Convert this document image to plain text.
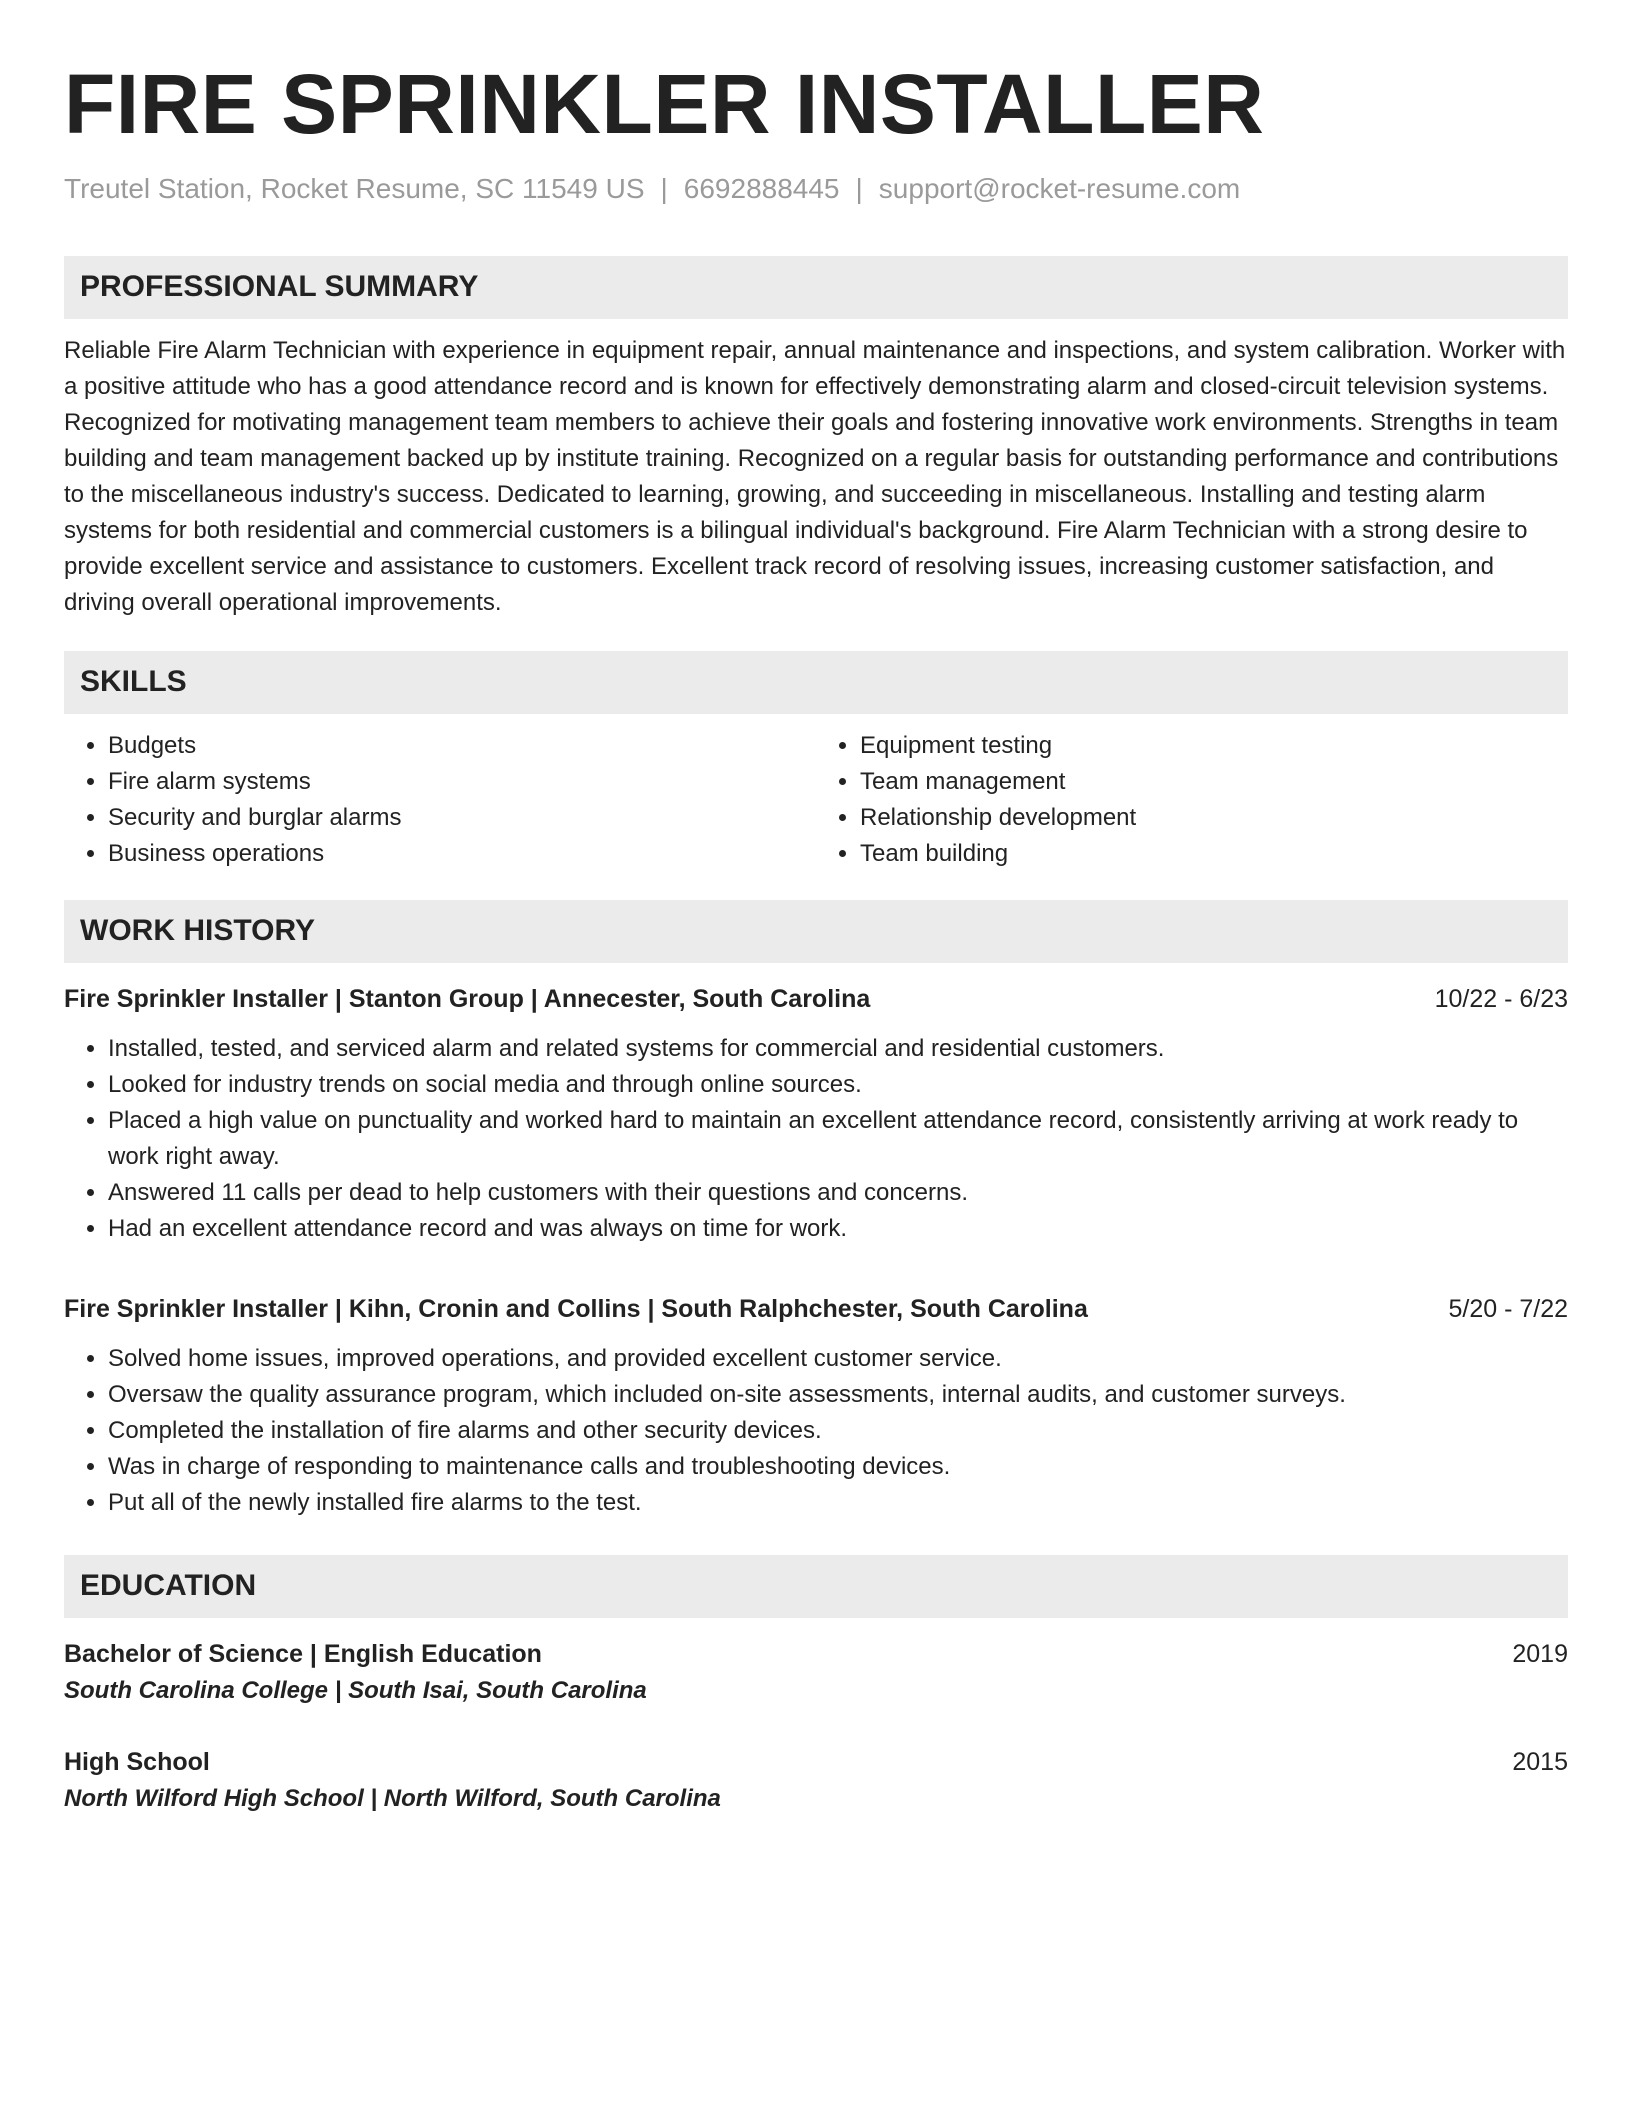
FIRE SPRINKLER INSTALLER
Treutel Station, Rocket Resume, SC 11549 US | 6692888445 | support@rocket-resume.com
PROFESSIONAL SUMMARY

Reliable Fire Alarm Technician with experience in equipment repair, annual maintenance and inspections, and system calibration. Worker with a positive attitude who has a good attendance record and is known for effectively demonstrating alarm and closed-circuit television systems. Recognized for motivating management team members to achieve their goals and fostering innovative work environments. Strengths in team building and team management backed up by institute training. Recognized on a regular basis for outstanding performance and contributions to the miscellaneous industry's success. Dedicated to learning, growing, and succeeding in miscellaneous. Installing and testing alarm systems for both residential and commercial customers is a bilingual individual's background. Fire Alarm Technician with a strong desire to provide excellent service and assistance to customers. Excellent track record of resolving issues, increasing customer satisfaction, and driving overall operational improvements.

SKILLS
• Budgets
• Fire alarm systems
• Security and burglar alarms
• Business operations
• Equipment testing
• Team management
• Relationship development
• Team building
WORK HISTORY
Fire Sprinkler Installer | Stanton Group | Annecester, South Carolina	10/22 - 6/23
• Installed, tested, and serviced alarm and related systems for commercial and residential customers.
• Looked for industry trends on social media and through online sources.
• Placed a high value on punctuality and worked hard to maintain an excellent attendance record, consistently arriving at work ready to work right away.
• Answered 11 calls per dead to help customers with their questions and concerns.
• Had an excellent attendance record and was always on time for work.
Fire Sprinkler Installer | Kihn, Cronin and Collins | South Ralphchester, South Carolina	5/20 - 7/22
• Solved home issues, improved operations, and provided excellent customer service.
• Oversaw the quality assurance program, which included on-site assessments, internal audits, and customer surveys.
• Completed the installation of fire alarms and other security devices.
• Was in charge of responding to maintenance calls and troubleshooting devices.
• Put all of the newly installed fire alarms to the test.
EDUCATION
Bachelor of Science | English Education	2019
South Carolina College | South Isai, South Carolina
High School	2015
North Wilford High School | North Wilford, South Carolina
